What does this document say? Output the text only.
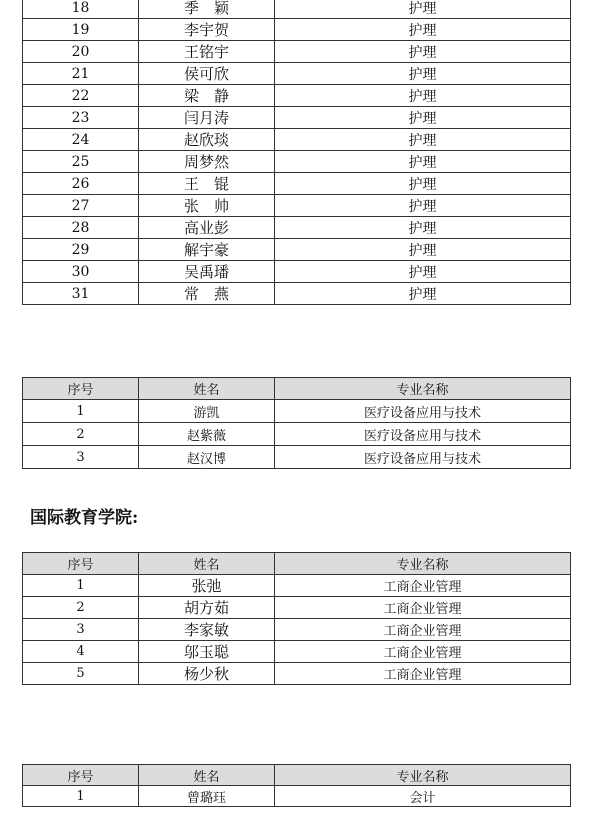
18	季　颖	护理
19	李宇贺	护理
20	王铭宇	护理
21	侯可欣	护理
22	梁　静	护理
23	闫月涛	护理
24	赵欣琰	护理
25	周梦然	护理
26	王　锟	护理
27	张　帅	护理
28	高业彭	护理
29	解宇豪	护理
30	吴禹璠	护理
31	常　燕	护理
序号	姓名	专业名称
1	游凯	医疗设备应用与技术
2	赵紫薇	医疗设备应用与技术
3	赵汉博	医疗设备应用与技术
国际教育学院:
序号	姓名	专业名称
1	张弛	工商企业管理
2	胡方茹	工商企业管理
3	李家敏	工商企业管理
4	邬玉聪	工商企业管理
5	杨少秋	工商企业管理
序号	姓名	专业名称
1	曾璐珏	会计
